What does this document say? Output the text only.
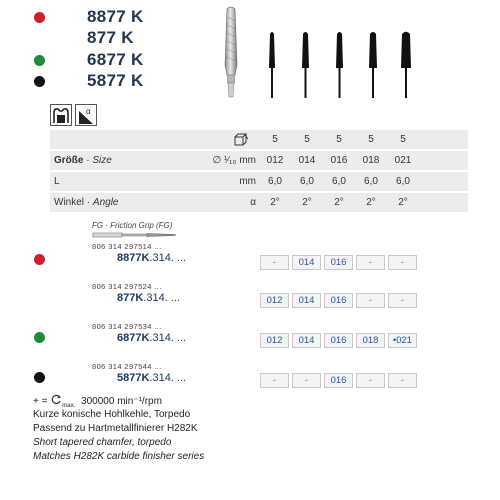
8877 K
877 K
6877 K
5877 K
α
5	5	5	5	5
Größe · Size	∅ ¹⁄₁₀ mm	012	014	016	018	021
L	mm	6,0	6,0	6,0	6,0	6,0
Winkel · Angle	α	2°	2°	2°	2°	2°
FG · Friction Grip (FG)
806 314 297514 ...
8877K.314. ...	-	014	016	-	-
806 314 297524 ...
877K.314. ...	012	014	016	-	-
806 314 297534 ...
6877K.314. ...	012	014	016	018	•021
806 314 297544 ...
5877K.314. ...	-	-	016	-	-
+ = $_{max.}$ 300000 min⁻¹/rpm
Kurze konische Hohlkehle, Torpedo
Passend zu Hartmetallfinierer H282K
Short tapered chamfer, torpedo
Matches H282K carbide finisher series
